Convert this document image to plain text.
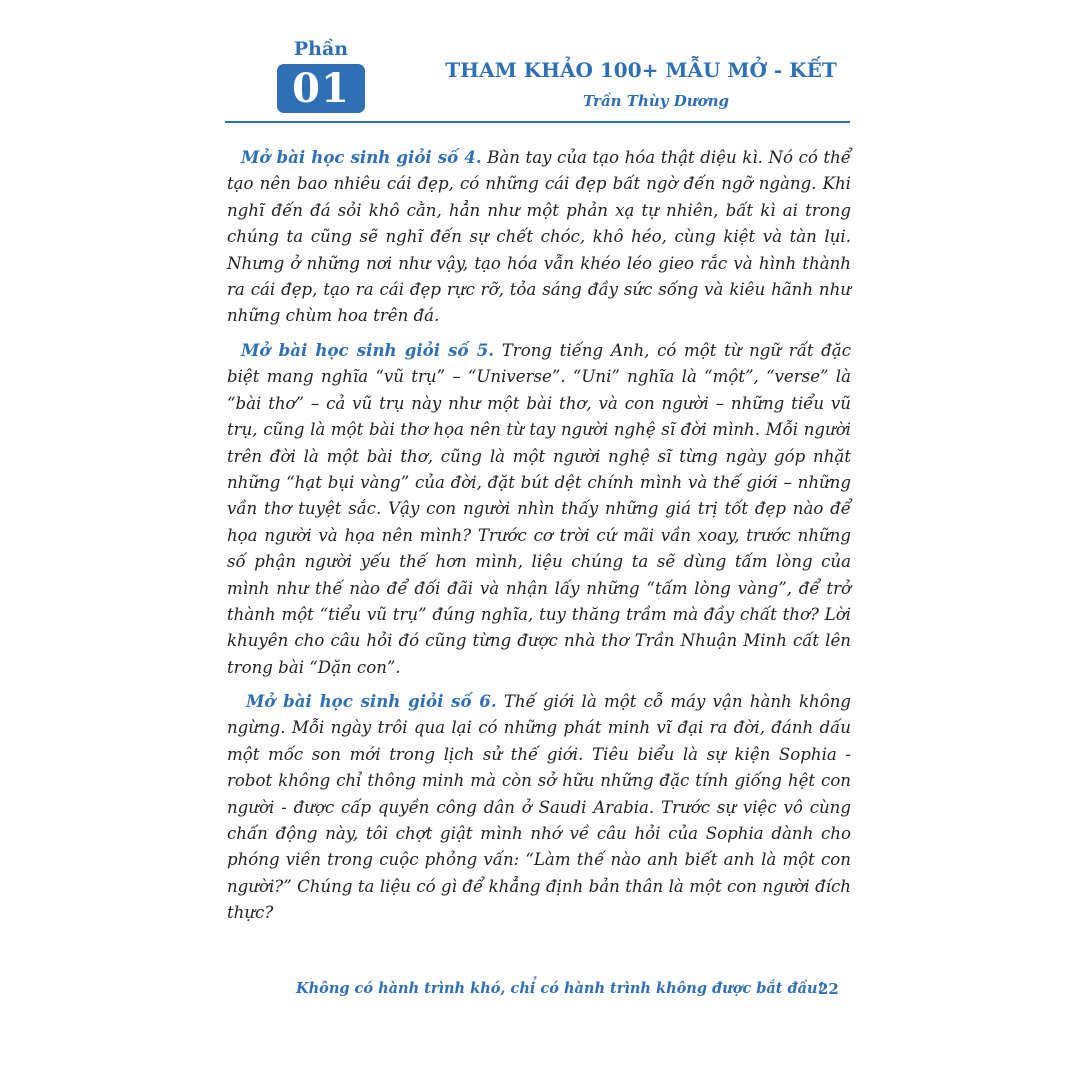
Phần
01	THAM KHẢO 100+ MẪU MỞ - KẾT
Trần Thùy Dương

Mở bài học sinh giỏi số 4. Bàn tay của tạo hóa thật diệu kì. Nó có thể tạo nên bao nhiêu cái đẹp, có những cái đẹp bất ngờ đến ngỡ ngàng. Khi nghĩ đến đá sỏi khô cằn, hẳn như một phản xạ tự nhiên, bất kì ai trong chúng ta cũng sẽ nghĩ đến sự chết chóc, khô héo, cùng kiệt và tàn lụi. Nhưng ở những nơi như vậy, tạo hóa vẫn khéo léo gieo rắc và hình thành ra cái đẹp, tạo ra cái đẹp rực rỡ, tỏa sáng đầy sức sống và kiêu hãnh như những chùm hoa trên đá.

Mở bài học sinh giỏi số 5. Trong tiếng Anh, có một từ ngữ rất đặc biệt mang nghĩa “vũ trụ” – “Universe”. “Uni” nghĩa là “một”, “verse” là “bài thơ” – cả vũ trụ này như một bài thơ, và con người – những tiểu vũ trụ, cũng là một bài thơ họa nên từ tay người nghệ sĩ đời mình. Mỗi người trên đời là một bài thơ, cũng là một người nghệ sĩ từng ngày góp nhặt những “hạt bụi vàng” của đời, đặt bút dệt chính mình và thế giới – những vần thơ tuyệt sắc. Vậy con người nhìn thấy những giá trị tốt đẹp nào để họa người và họa nên mình? Trước cơ trời cứ mãi vần xoay, trước những số phận người yếu thế hơn mình, liệu chúng ta sẽ dùng tấm lòng của mình như thế nào để đối đãi và nhận lấy những “tấm lòng vàng”, để trở thành một “tiểu vũ trụ” đúng nghĩa, tuy thăng trầm mà đầy chất thơ? Lời khuyên cho câu hỏi đó cũng từng được nhà thơ Trần Nhuận Minh cất lên trong bài “Dặn con”.

Mở bài học sinh giỏi số 6. Thế giới là một cỗ máy vận hành không ngừng. Mỗi ngày trôi qua lại có những phát minh vĩ đại ra đời, đánh dấu một mốc son mới trong lịch sử thế giới. Tiêu biểu là sự kiện Sophia - robot không chỉ thông minh mà còn sở hữu những đặc tính giống hệt con người - được cấp quyền công dân ở Saudi Arabia. Trước sự việc vô cùng chấn động này, tôi chợt giật mình nhớ về câu hỏi của Sophia dành cho phóng viên trong cuộc phỏng vấn: “Làm thế nào anh biết anh là một con người?” Chúng ta liệu có gì để khẳng định bản thân là một con người đích thực?

Không có hành trình khó, chỉ có hành trình không được bắt đầu!
22
